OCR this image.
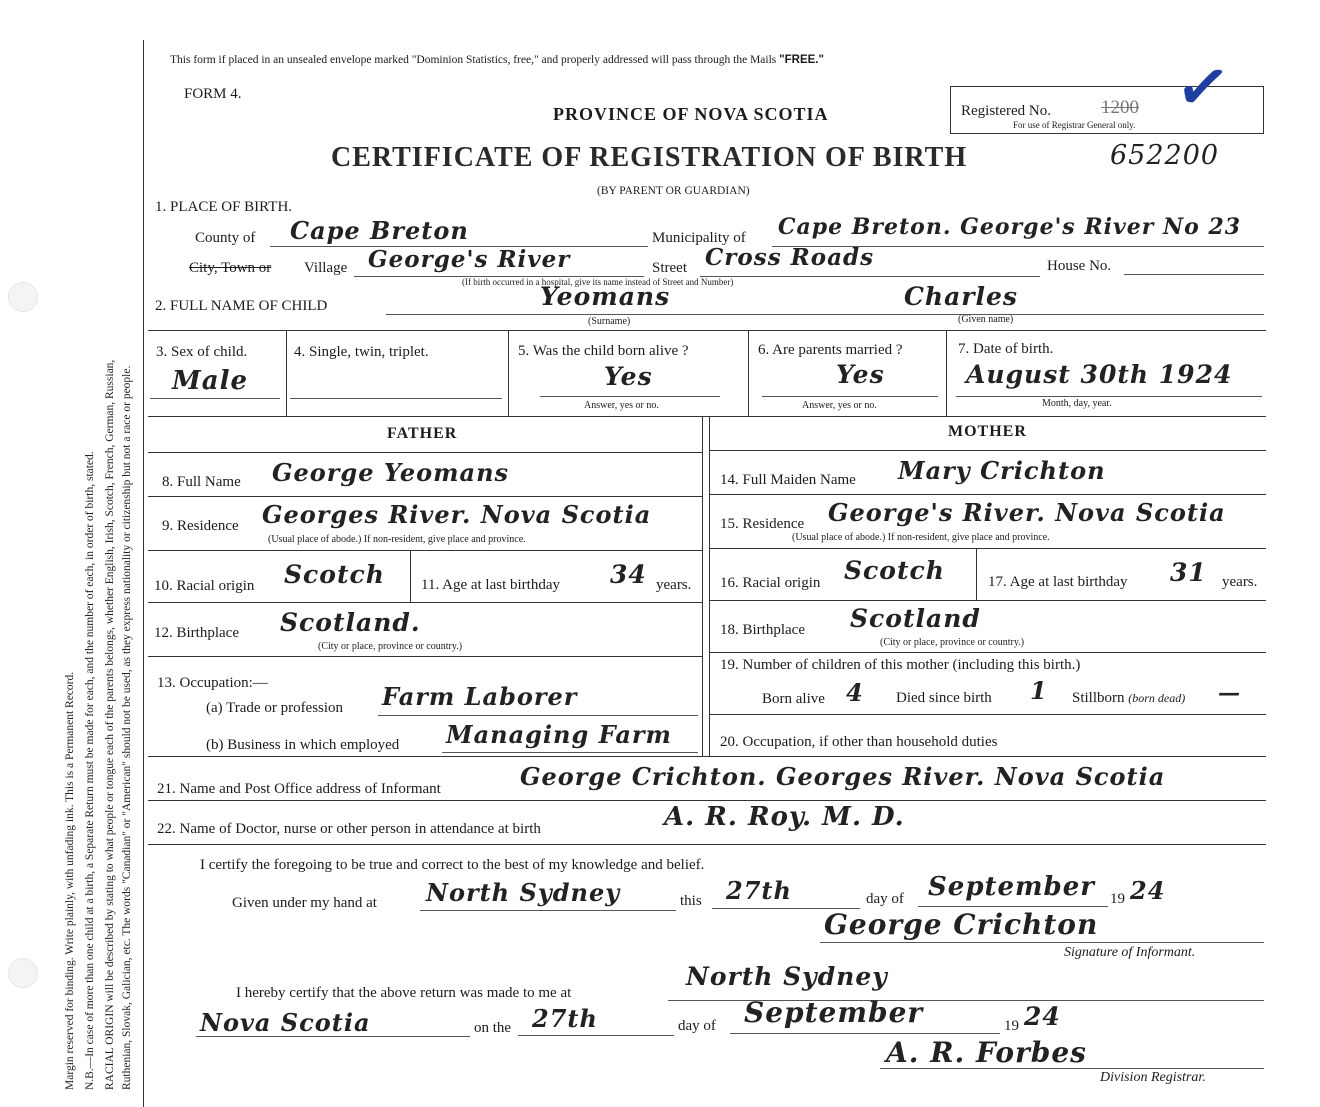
Margin reserved for binding. Write plainly, with unfading ink. This is a Permanent Record. N.B.—In case of more than one child at a birth, a Separate Return must be made for each, and the number of each, in order of birth, stated. RACIAL ORIGIN will be described by stating to what people or tongue each of the parents belongs, whether English, Irish, Scotch, French, German, Russian, Ruthenian, Slovak, Galician, etc. The words "Canadian" or "American" should not be used, as they express nationality or citizenship but not a race or people.
This form if placed in an unsealed envelope marked "Dominion Statistics, free," and properly addressed will pass through the Mails "FREE."
FORM 4.
PROVINCE OF NOVA SCOTIA	Registered No.	1200
For use of Registrar General only. ✓
CERTIFICATE OF REGISTRATION OF BIRTH	652200
(BY PARENT OR GUARDIAN)
1. PLACE OF BIRTH.
County of Cape Breton	Municipality of Cape Breton. George's River No 23
City, Town or Village George's River	Street Cross Roads	House No.
(If birth occurred in a hospital, give its name instead of Street and Number)
2. FULL NAME OF CHILD	Yeomans
(Surname)
Charles
(Given name)
3. Sex of child.
Male
4. Single, twin, triplet.	5. Was the child born alive ?
Yes
Answer, yes or no.
6. Are parents married ?
Yes
Answer, yes or no.
7. Date of birth.
August 30th 1924
Month, day, year.
FATHER	MOTHER
8. Full Name George Yeomans
9. Residence Georges River. Nova Scotia
(Usual place of abode.) If non-resident, give place and province.
10. Racial origin Scotch 11. Age at last birthday 34 years.
12. Birthplace Scotland.
(City or place, province or country.)
13. Occupation:—
(a) Trade or profession Farm Laborer
(b) Business in which employed Managing Farm
14. Full Maiden Name Mary Crichton
15. Residence George's River. Nova Scotia
(Usual place of abode.) If non-resident, give place and province.
16. Racial origin Scotch	17. Age at last birthday 31 years.
18. Birthplace Scotland
(City or place, province or country.)
19. Number of children of this mother (including this birth.)
Born alive 4 Died since birth 1 Stillborn (born dead) —
20. Occupation, if other than household duties
21. Name and Post Office address of Informant	George Crichton. Georges River. Nova Scotia
22. Name of Doctor, nurse or other person in attendance at birth	A. R. Roy. M. D.
I certify the foregoing to be true and correct to the best of my knowledge and belief.
Given under my hand at North Sydney	this 27th	day of September 19 24
George Crichton
Signature of Informant.
I hereby certify that the above return was made to me at
North Sydney
Nova Scotia	on the 27th	day of September	19 24
A. R. Forbes
Division Registrar.
